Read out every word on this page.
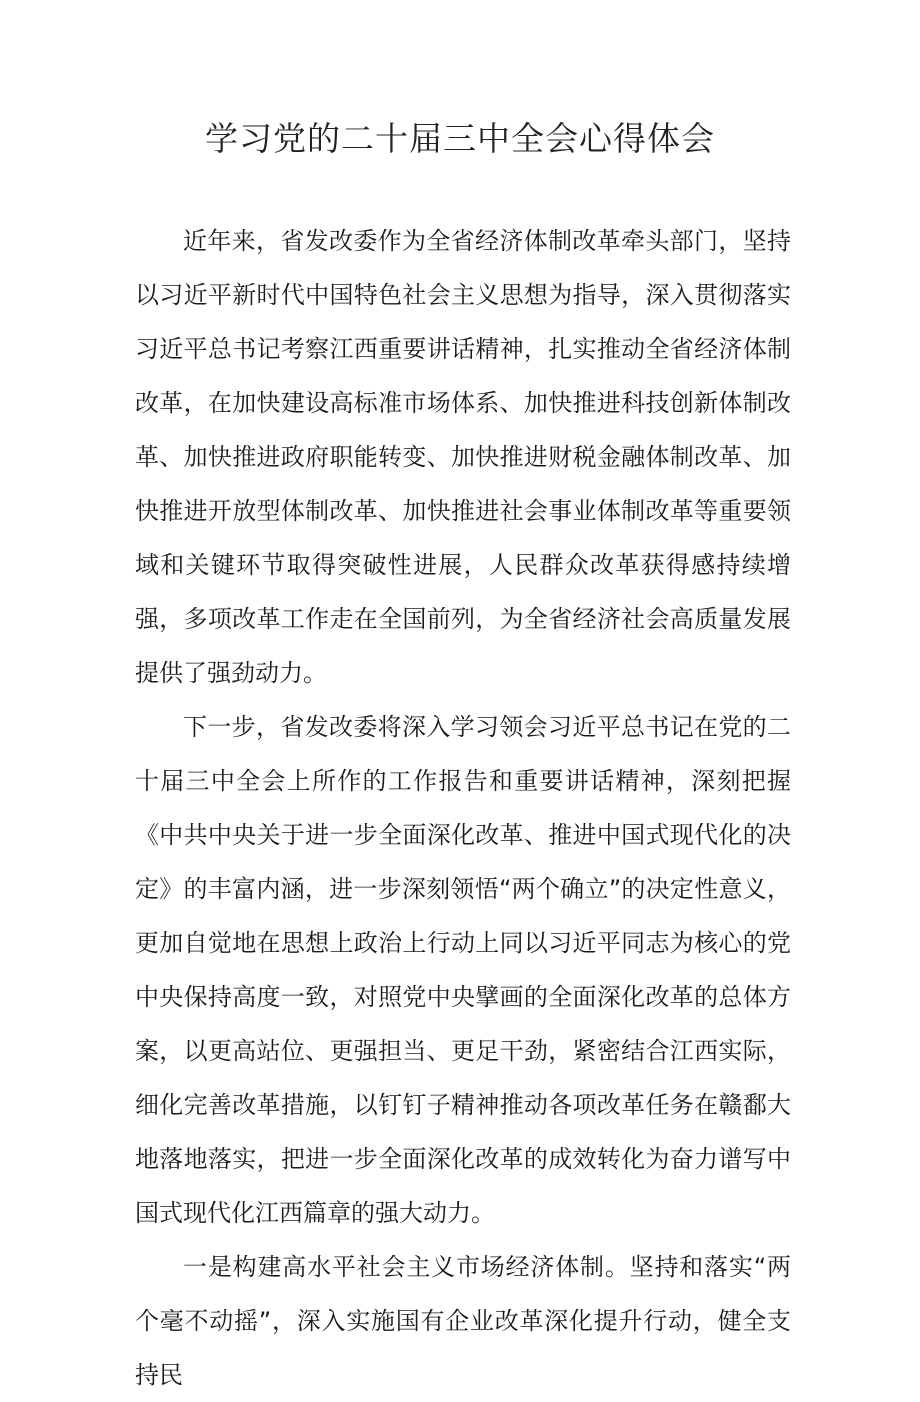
学习党的二十届三中全会心得体会

近年来，省发改委作为全省经济体制改革牵头部门，坚持以习近平新时代中国特色社会主义思想为指导，深入贯彻落实习近平总书记考察江西重要讲话精神，扎实推动全省经济体制改革，在加快建设高标准市场体系、加快推进科技创新体制改革、加快推进政府职能转变、加快推进财税金融体制改革、加快推进开放型体制改革、加快推进社会事业体制改革等重要领域和关键环节取得突破性进展，人民群众改革获得感持续增强，多项改革工作走在全国前列，为全省经济社会高质量发展提供了强劲动力。

下一步，省发改委将深入学习领会习近平总书记在党的二十届三中全会上所作的工作报告和重要讲话精神，深刻把握《中共中央关于进一步全面深化改革、推进中国式现代化的决定》的丰富内涵，进一步深刻领悟“两个确立”的决定性意义，更加自觉地在思想上政治上行动上同以习近平同志为核心的党中央保持高度一致，对照党中央擘画的全面深化改革的总体方案，以更高站位、更强担当、更足干劲，紧密结合江西实际，细化完善改革措施，以钉钉子精神推动各项改革任务在赣鄱大地落地落实，把进一步全面深化改革的成效转化为奋力谱写中国式现代化江西篇章的强大动力。

一是构建高水平社会主义市场经济体制。坚持和落实“两个毫不动摇”，深入实施国有企业改革深化提升行动，健全支持民
